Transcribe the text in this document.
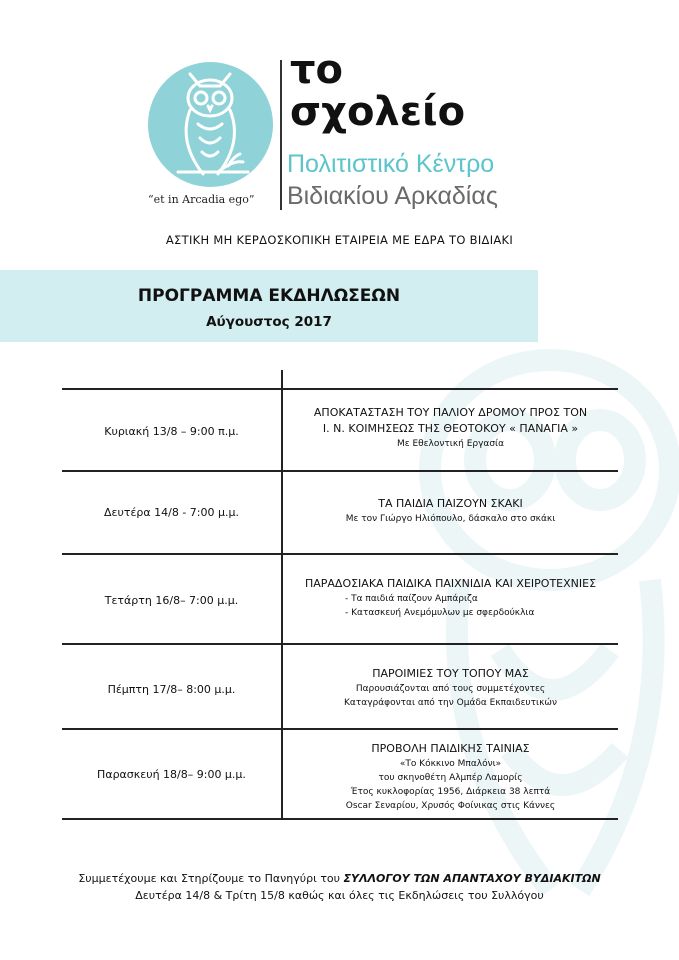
“et in Arcadia ego”
το
σχολείο
Πολιτιστικό Κέντρο
Βιδιακίου Αρκαδίας
ΑΣΤΙΚΗ ΜΗ ΚΕΡΔΟΣΚΟΠΙΚΗ ΕΤΑΙΡΕΙΑ ΜΕ ΕΔΡΑ ΤΟ ΒΙΔΙΑΚΙ
ΠΡΟΓΡΑΜΜΑ ΕΚΔΗΛΩΣΕΩΝ
Αύγουστος 2017
Κυριακή 13/8 – 9:00 π.μ.
ΑΠΟΚΑΤΑΣΤΑΣΗ ΤΟΥ ΠΑΛΙΟΥ ΔΡΟΜΟΥ ΠΡΟΣ ΤΟΝ
Ι. Ν. ΚΟΙΜΗΣΕΩΣ ΤΗΣ ΘΕΟΤΟΚΟΥ « ΠΑΝΑΓΙΑ »
Με Εθελοντική Εργασία
Δευτέρα 14/8 - 7:00 μ.μ.
ΤΑ ΠΑΙΔΙΑ ΠΑΙΖΟΥΝ ΣΚΑΚΙ
Με τον Γιώργο Ηλιόπουλο, δάσκαλο στο σκάκι
Τετάρτη 16/8– 7:00 μ.μ.
ΠΑΡΑΔΟΣΙΑΚΑ ΠΑΙΔΙΚΑ ΠΑΙΧΝΙΔΙΑ ΚΑΙ ΧΕΙΡΟΤΕΧΝΙΕΣ
- Τα παιδιά παίζουν Αμπάριζα
- Κατασκευή Ανεμόμυλων με σφερδούκλια
Πέμπτη 17/8– 8:00 μ.μ.
ΠΑΡΟΙΜΙΕΣ ΤΟΥ ΤΟΠΟΥ ΜΑΣ
Παρουσιάζονται από τους συμμετέχοντες
Καταγράφονται από την Ομάδα Εκπαιδευτικών
Παρασκευή 18/8– 9:00 μ.μ.
ΠΡΟΒΟΛΗ ΠΑΙΔΙΚΗΣ ΤΑΙΝΙΑΣ
«Το Κόκκινο Μπαλόνι»
του σκηνοθέτη Αλμπέρ Λαμορίς
Έτος κυκλοφορίας 1956, Διάρκεια 38 λεπτά
Oscar Σεναρίου, Χρυσός Φοίνικας στις Κάννες
Συμμετέχουμε και Στηρίζουμε το Πανηγύρι του ΣΥΛΛΟΓΟΥ ΤΩΝ ΑΠΑΝΤΑΧΟΥ ΒΥΔΙΑΚΙΤΩΝ
Δευτέρα 14/8 & Τρίτη 15/8 καθώς και όλες τις Εκδηλώσεις του Συλλόγου
